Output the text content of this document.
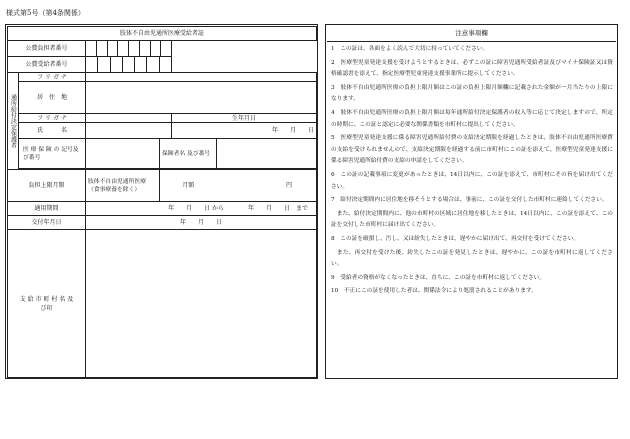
様式第5号（第4条関係）
肢体不自由児通所医療受給者証					
公費負担者番号				

公費受給者番号				

通所給付決定保護者	フ リ ガ ナ				
	居　住　地				
	フ リ ガ ナ			生年月日	
	氏　　　名			年　　月　　日	
	医 療 保 険 の 記号及び番号		保険者名 及び番号		

負担上限月額		肢体不自由児通所医療（食事療養を除く）	月額		円
適用期間		年　　月　　日 から　　　　年　　月　　日　まで			
交付年月日		年　　月　　日			
支 給 市 町 村 名 及 び印					
注意事項欄

1　この証は、各面をよく読んで大切に持っていてください。

2　医療型児童発達支援を受けようとするときは、必ずこの証に障害児通所受給者証及びマイナ保険証又は資格確認書を添えて、指定医療型児童発達支援事業所に提示してください。

3　肢体不自由児通所医療の負担上限月額はこの証の負担上限月額欄に記載された金額が一月当たりの上限になります。

4　肢体不自由児通所医療の負担上限月額は毎年通所給付決定保護者の収入等に応じて決定しますので、所定の時期に、この証と認定に必要な関係書類を市町村に提出してください。

5　医療型児童発達支援に係る障害児通所給付費の支給決定期限を経過したときは、肢体不自由児通所医療費の支給を受けられませんので、支給決定期限を経過する前に市町村にこの証を添えて、医療型児童発達支援に係る障害児通所給付費の支給の申請をしてください。

6　この証の記載事項に変更があったときは、14日以内に、この証を添えて、市町村にその旨を届け出てください。

7　給付決定期間内に居住地を移そうとする場合は、事前に、この証を交付した市町村に連絡してください。

　また、給付決定期間内に、他の市町村の区域に居住地を移したときは、14日以内に、この証を添えて、この証を交付した市町村に届け出てください。

8　この証を破損し、汚し、又は紛失したときは、遅やかに届け出て、再交付を受けてください。

　また、再交付を受けた後、紛失したこの証を発見したときは、遅やかに、この証を市町村に返してください。

9　受給者の資格がなくなったときは、直ちに、この証を市町村に返してください。

10　不正にこの証を使用した者は、関係法令により処罰されることがあります。
